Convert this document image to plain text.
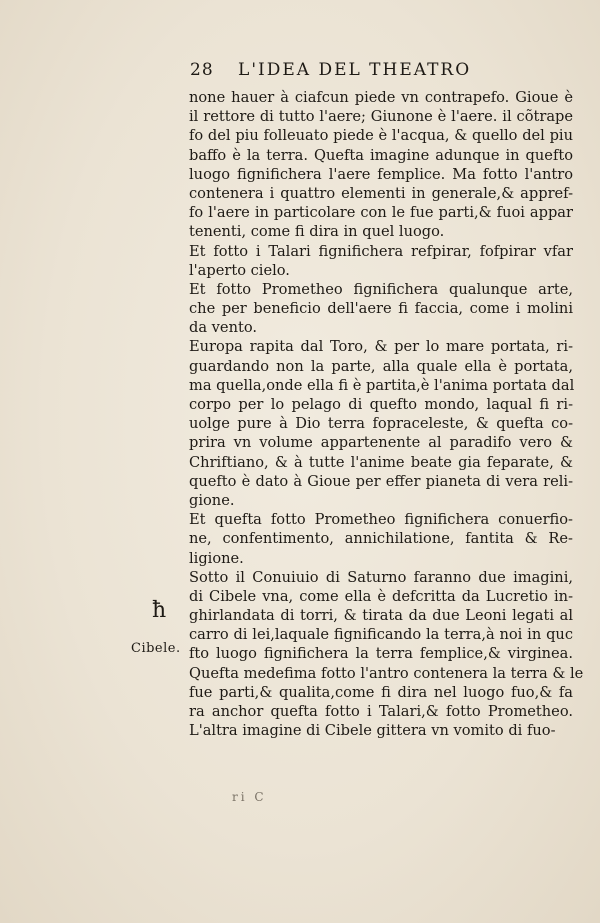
28 L'IDEA DEL THEATRO
none hauer à ciafcun piede vn contrapefo. Gioue è
il rettore di tutto l'aere; Giunone è l'aere. il cõtrape
fo del piu folleuato piede è l'acqua, & quello del piu
baffo è la terra. Quefta imagine adunque in quefto
luogo fignifichera l'aere femplice. Ma fotto l'antro
contenera i quattro elementi in generale,& appref-
fo l'aere in particolare con le fue parti,& fuoi appar
tenenti, come fi dira in quel luogo.
Et fotto i Talari fignifichera refpirar, fofpirar vfar
l'aperto cielo.
Et fotto Prometheo fignifichera qualunque arte,
che per beneficio dell'aere fi faccia, come i molini
da vento.
Europa rapita dal Toro, & per lo mare portata, ri-
guardando non la parte, alla quale ella è portata,
ma quella,onde ella fi è partita,è l'anima portata dal
corpo per lo pelago di quefto mondo, laqual fi ri-
uolge pure à Dio terra fopraceleste, & quefta co-
prira vn volume appartenente al paradifo vero &
Chriftiano, & à tutte l'anime beate gia feparate, &
quefto è dato à Gioue per effer pianeta di vera reli-
gione.
Et quefta fotto Prometheo fignifichera conuerfio-
ne, confentimento, annichilatione, fantita & Re-
ligione.
Sotto il Conuiuio di Saturno faranno due imagini,
di Cibele vna, come ella è defcritta da Lucretio in-
ghirlandata di torri, & tirata da due Leoni legati al
carro di lei,laquale fignificando la terra,à noi in quc
fto luogo fignifichera la terra femplice,& virginea.
Quefta medefima fotto l'antro contenera la terra & le
fue parti,& qualita,come fi dira nel luogo fuo,& fa
ra anchor quefta fotto i Talari,& fotto Prometheo.
L'altra imagine di Cibele gittera vn vomito di fuo-
ħ
Cibele.
ri C
